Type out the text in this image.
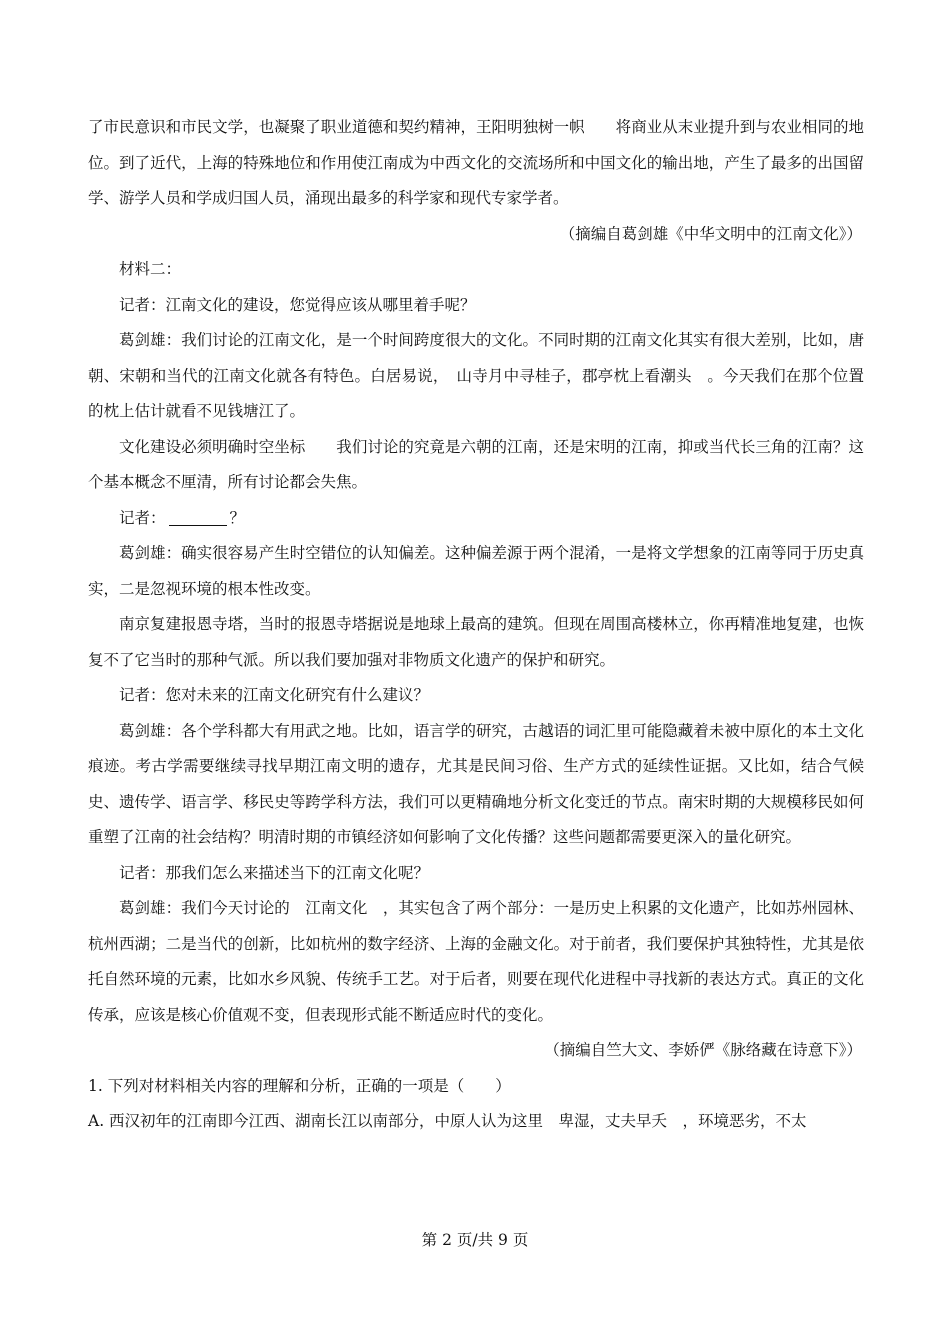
了市民意识和市民文学，也凝聚了职业道德和契约精神，王阳明独树一帜　　将商业从末业提升到与农业相同的地位。到了近代，上海的特殊地位和作用使江南成为中西文化的交流场所和中国文化的输出地，产生了最多的出国留学、游学人员和学成归国人员，涌现出最多的科学家和现代专家学者。

（摘编自葛剑雄《中华文明中的江南文化》）

材料二：

记者：江南文化的建设，您觉得应该从哪里着手呢？

葛剑雄：我们讨论的江南文化，是一个时间跨度很大的文化。不同时期的江南文化其实有很大差别，比如，唐朝、宋朝和当代的江南文化就各有特色。白居易说，　山寺月中寻桂子，郡亭枕上看潮头　。今天我们在那个位置的枕上估计就看不见钱塘江了。

文化建设必须明确时空坐标　　我们讨论的究竟是六朝的江南，还是宋明的江南，抑或当代长三角的江南？这个基本概念不厘清，所有讨论都会失焦。

记者：	？

葛剑雄：确实很容易产生时空错位的认知偏差。这种偏差源于两个混淆，一是将文学想象的江南等同于历史真实，二是忽视环境的根本性改变。

南京复建报恩寺塔，当时的报恩寺塔据说是地球上最高的建筑。但现在周围高楼林立，你再精准地复建，也恢复不了它当时的那种气派。所以我们要加强对非物质文化遗产的保护和研究。

记者：您对未来的江南文化研究有什么建议？

葛剑雄：各个学科都大有用武之地。比如，语言学的研究，古越语的词汇里可能隐藏着未被中原化的本土文化痕迹。考古学需要继续寻找早期江南文明的遗存，尤其是民间习俗、生产方式的延续性证据。又比如，结合气候史、遗传学、语言学、移民史等跨学科方法，我们可以更精确地分析文化变迁的节点。南宋时期的大规模移民如何重塑了江南的社会结构？明清时期的市镇经济如何影响了文化传播？这些问题都需要更深入的量化研究。

记者：那我们怎么来描述当下的江南文化呢？

葛剑雄：我们今天讨论的　江南文化　，其实包含了两个部分：一是历史上积累的文化遗产，比如苏州园林、杭州西湖；二是当代的创新，比如杭州的数字经济、上海的金融文化。对于前者，我们要保护其独特性，尤其是依托自然环境的元素，比如水乡风貌、传统手工艺。对于后者，则要在现代化进程中寻找新的表达方式。真正的文化传承，应该是核心价值观不变，但表现形式能不断适应时代的变化。

（摘编自竺大文、李娇俨《脉络藏在诗意下》）

1. 下列对材料相关内容的理解和分析，正确的一项是（　　）

A. 西汉初年的江南即今江西、湖南长江以南部分，中原人认为这里　卑湿，丈夫早夭　，环境恶劣，不太

第 2 页/共 9 页
